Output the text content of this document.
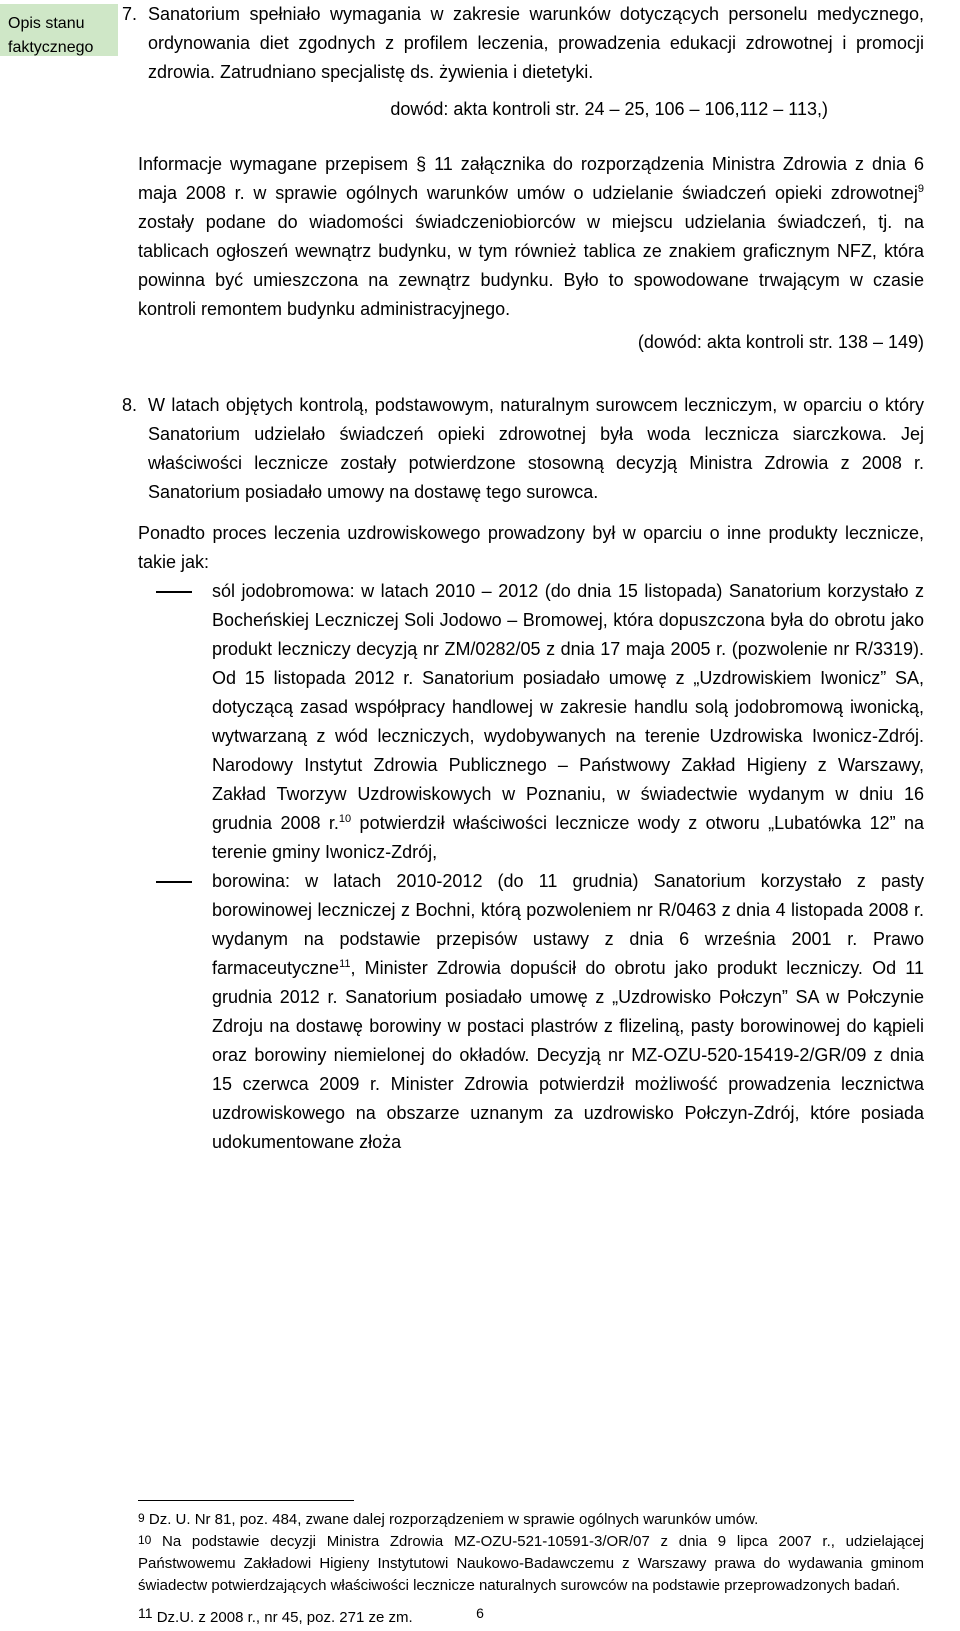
Opis stanu
faktycznego
7. Sanatorium spełniało wymagania w zakresie warunków dotyczących personelu medycznego, ordynowania diet zgodnych z profilem leczenia, prowadzenia edukacji zdrowotnej i promocji zdrowia. Zatrudniano specjalistę ds. żywienia i dietetyki.

dowód: akta kontroli str. 24 – 25, 106 – 106,112 – 113,)

Informacje wymagane przepisem § 11 załącznika do rozporządzenia Ministra Zdrowia z dnia 6 maja 2008 r. w sprawie ogólnych warunków umów o udzielanie świadczeń opieki zdrowotnej$^9$ zostały podane do wiadomości świadczeniobiorców w miejscu udzielania świadczeń, tj. na tablicach ogłoszeń wewnątrz budynku, w tym również tablica ze znakiem graficznym NFZ, która powinna być umieszczona na zewnątrz budynku. Było to spowodowane trwającym w czasie kontroli remontem budynku administracyjnego.

(dowód: akta kontroli str. 138 – 149)

8. W latach objętych kontrolą, podstawowym, naturalnym surowcem leczniczym, w oparciu o który Sanatorium udzielało świadczeń opieki zdrowotnej była woda lecznicza siarczkowa. Jej właściwości lecznicze zostały potwierdzone stosowną decyzją Ministra Zdrowia z 2008 r. Sanatorium posiadało umowy na dostawę tego surowca.

Ponadto proces leczenia uzdrowiskowego prowadzony był w oparciu o inne produkty lecznicze, takie jak:

sól jodobromowa: w latach 2010 – 2012 (do dnia 15 listopada) Sanatorium korzystało z Bocheńskiej Leczniczej Soli Jodowo – Bromowej, która dopuszczona była do obrotu jako produkt leczniczy decyzją nr ZM/0282/05 z dnia 17 maja 2005 r. (pozwolenie nr R/3319). Od 15 listopada 2012 r. Sanatorium posiadało umowę z „Uzdrowiskiem Iwonicz” SA, dotyczącą zasad współpracy handlowej w zakresie handlu solą jodobromową iwonicką, wytwarzaną z wód leczniczych, wydobywanych na terenie Uzdrowiska Iwonicz-Zdrój. Narodowy Instytut Zdrowia Publicznego – Państwowy Zakład Higieny z Warszawy, Zakład Tworzyw Uzdrowiskowych w Poznaniu, w świadectwie wydanym w dniu 16 grudnia 2008 r.$^{10}$ potwierdził właściwości lecznicze wody z otworu „Lubatówka 12” na terenie gminy Iwonicz-Zdrój,

borowina: w latach 2010-2012 (do 11 grudnia) Sanatorium korzystało z pasty borowinowej leczniczej z Bochni, którą pozwoleniem nr R/0463 z dnia 4 listopada 2008 r. wydanym na podstawie przepisów ustawy z dnia 6 września 2001 r. Prawo farmaceutyczne$^{11}$, Minister Zdrowia dopuścił do obrotu jako produkt leczniczy. Od 11 grudnia 2012 r. Sanatorium posiadało umowę z „Uzdrowisko Połczyn” SA w Połczynie Zdroju na dostawę borowiny w postaci plastrów z flizeliną, pasty borowinowej do kąpieli oraz borowiny niemielonej do okładów. Decyzją nr MZ-OZU-520-15419-2/GR/09 z dnia 15 czerwca 2009 r. Minister Zdrowia potwierdził możliwość prowadzenia lecznictwa uzdrowiskowego na obszarze uznanym za uzdrowisko Połczyn-Zdrój, które posiada udokumentowane złoża

$^9$ Dz. U. Nr 81, poz. 484, zwane dalej rozporządzeniem w sprawie ogólnych warunków umów.

$^{10}$ Na podstawie decyzji Ministra Zdrowia MZ-OZU-521-10591-3/OR/07 z dnia 9 lipca 2007 r., udzielającej Państwowemu Zakładowi Higieny Instytutowi Naukowo-Badawczemu z Warszawy prawa do wydawania gminom świadectw potwierdzających właściwości lecznicze naturalnych surowców na podstawie przeprowadzonych badań.

$^{11}$ Dz.U. z 2008 r., nr 45, poz. 271 ze zm.	6
